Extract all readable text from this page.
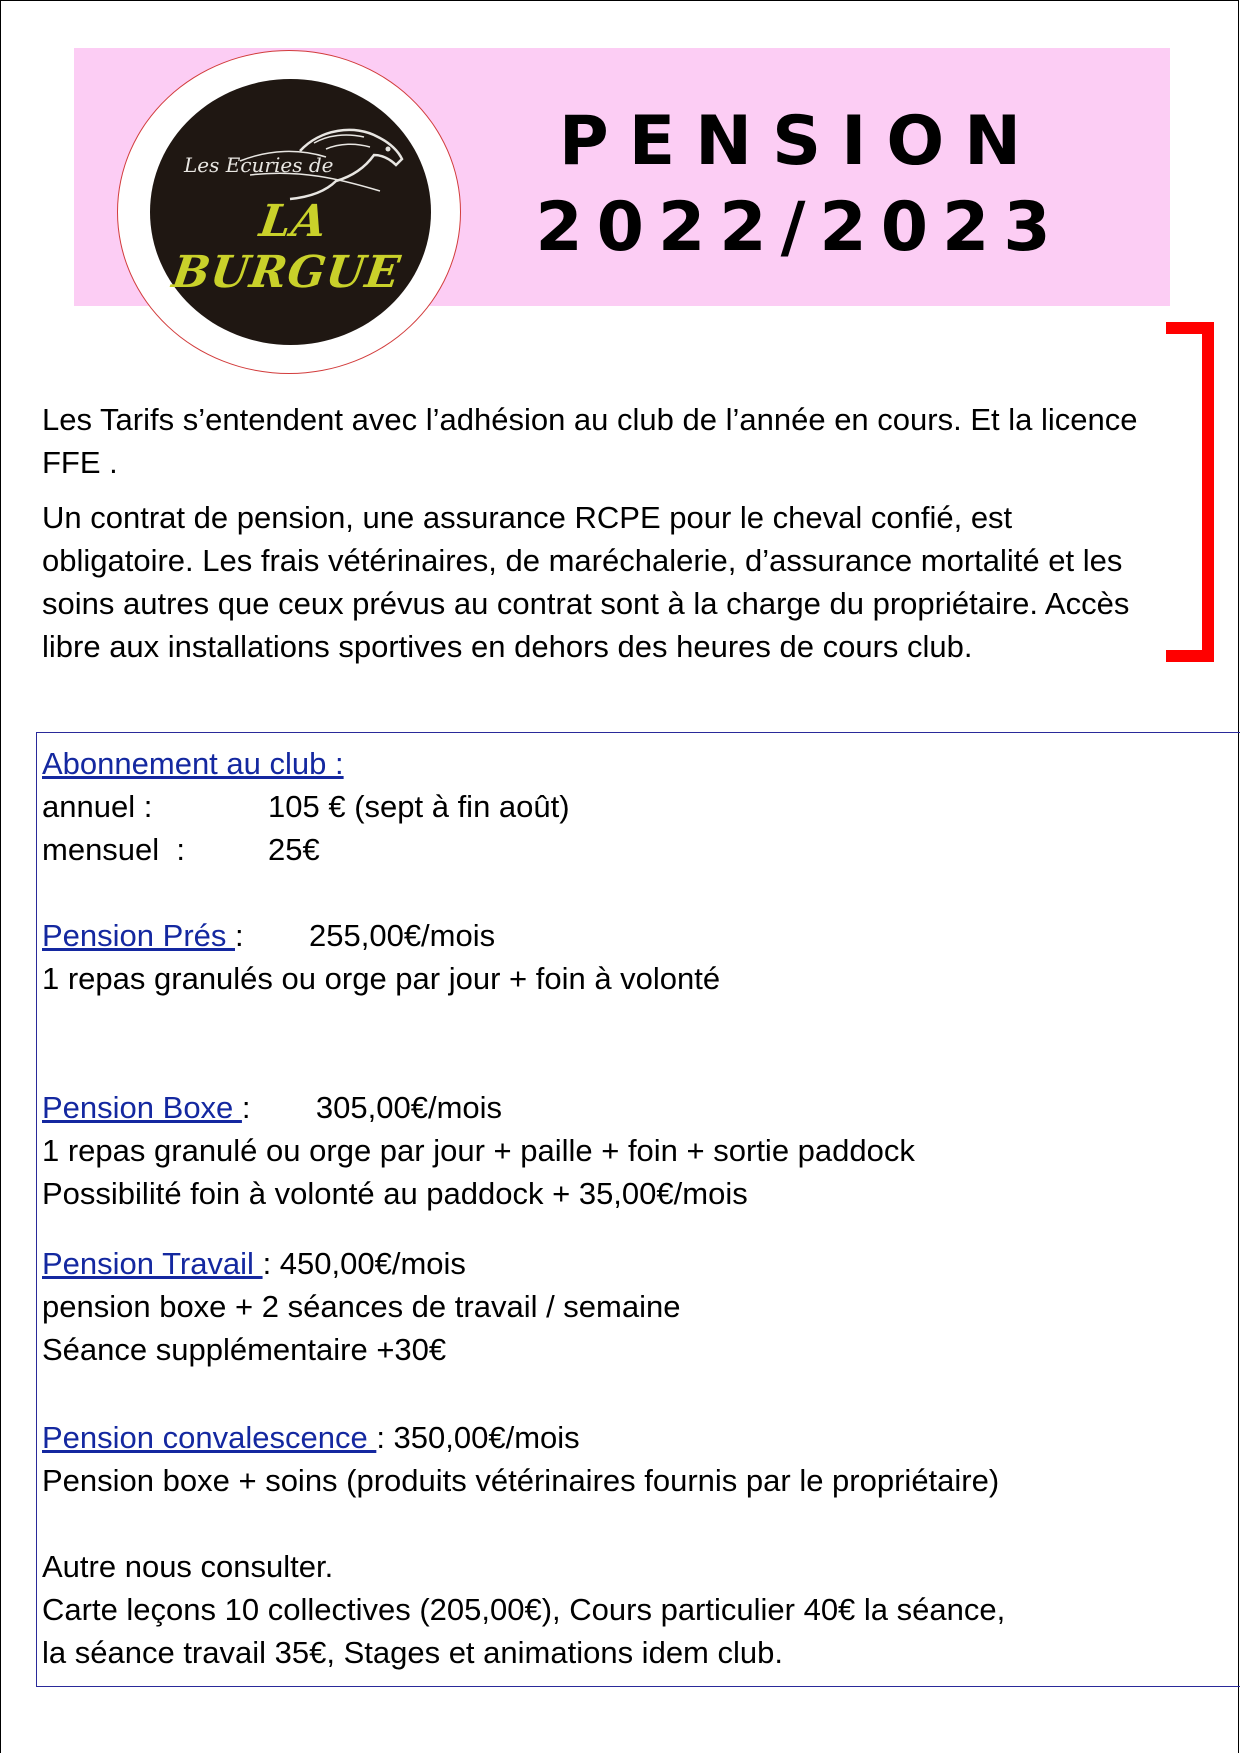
Les Ecuries de
LA BURGUE
PENSION
2022/2023

Les Tarifs s’entendent avec l’adhésion au club de l’année en cours. Et la licence FFE .

Un contrat de pension, une assurance RCPE pour le cheval confié, est obligatoire. Les frais vétérinaires, de maréchalerie, d’assurance mortalité et les soins autres que ceux prévus au contrat sont à la charge du propriétaire. Accès libre aux installations sportives en dehors des heures de cours club.

Abonnement au club :
annuel :	105 € (sept à fin août)
mensuel  :	25€
Pension Prés : 255,00€/mois
1 repas granulés ou orge par jour + foin à volonté
Pension Boxe : 305,00€/mois
1 repas granulé ou orge par jour + paille + foin + sortie paddock
Possibilité foin à volonté au paddock + 35,00€/mois
Pension Travail : 450,00€/mois
pension boxe + 2 séances de travail / semaine
Séance supplémentaire +30€
Pension convalescence : 350,00€/mois
Pension boxe + soins (produits vétérinaires fournis par le propriétaire)
Autre nous consulter.
Carte leçons 10 collectives (205,00€), Cours particulier 40€ la séance,
la séance travail 35€, Stages et animations idem club.
